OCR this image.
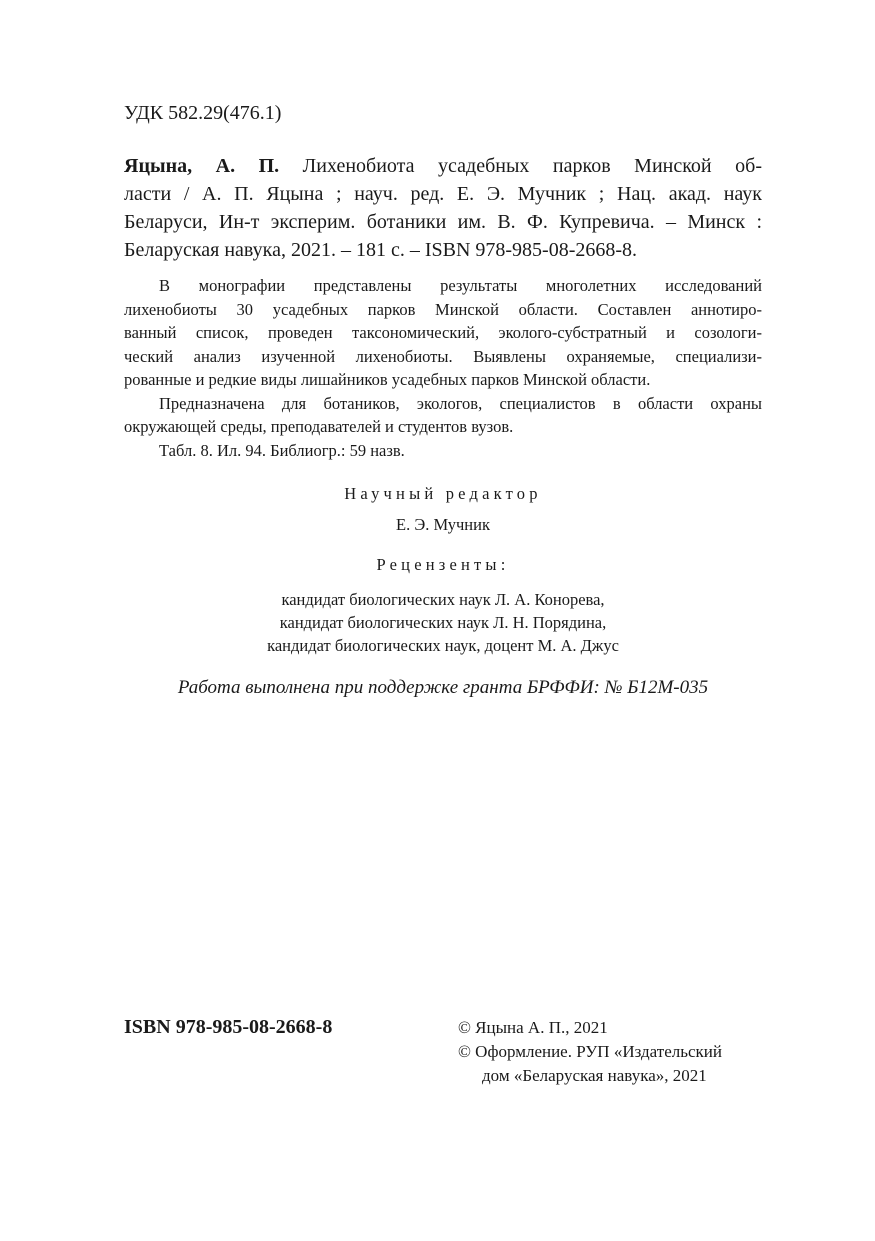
УДК 582.29(476.1)
Яцына, А. П. Лихенобиота усадебных парков Минской об-
ласти / А. П. Яцына ; науч. ред. Е. Э. Мучник ; Нац. акад. наук
Беларуси, Ин-т эксперим. ботаники им. В. Ф. Купревича. – Минск :
Беларуская навука, 2021. – 181 с. – ISBN 978-985-08-2668-8.
В монографии представлены результаты многолетних исследований
лихенобиоты 30 усадебных парков Минской области. Составлен аннотиро-
ванный список, проведен таксономический, эколого-субстратный и созологи-
ческий анализ изученной лихенобиоты. Выявлены охраняемые, специализи-
рованные и редкие виды лишайников усадебных парков Минской области.
Предназначена для ботаников, экологов, специалистов в области охраны
окружающей среды, преподавателей и студентов вузов.
Табл. 8. Ил. 94. Библиогр.: 59 назв.
Научный редактор
Е. Э. Мучник
Рецензенты:
кандидат биологических наук Л. А. Конорева,
кандидат биологических наук Л. Н. Порядина,
кандидат биологических наук, доцент М. А. Джус
Работа выполнена при поддержке гранта БРФФИ: № Б12М-035
ISBN 978-985-08-2668-8	© Яцына А. П., 2021
© Оформление. РУП «Издательский
дом «Беларуская навука», 2021
